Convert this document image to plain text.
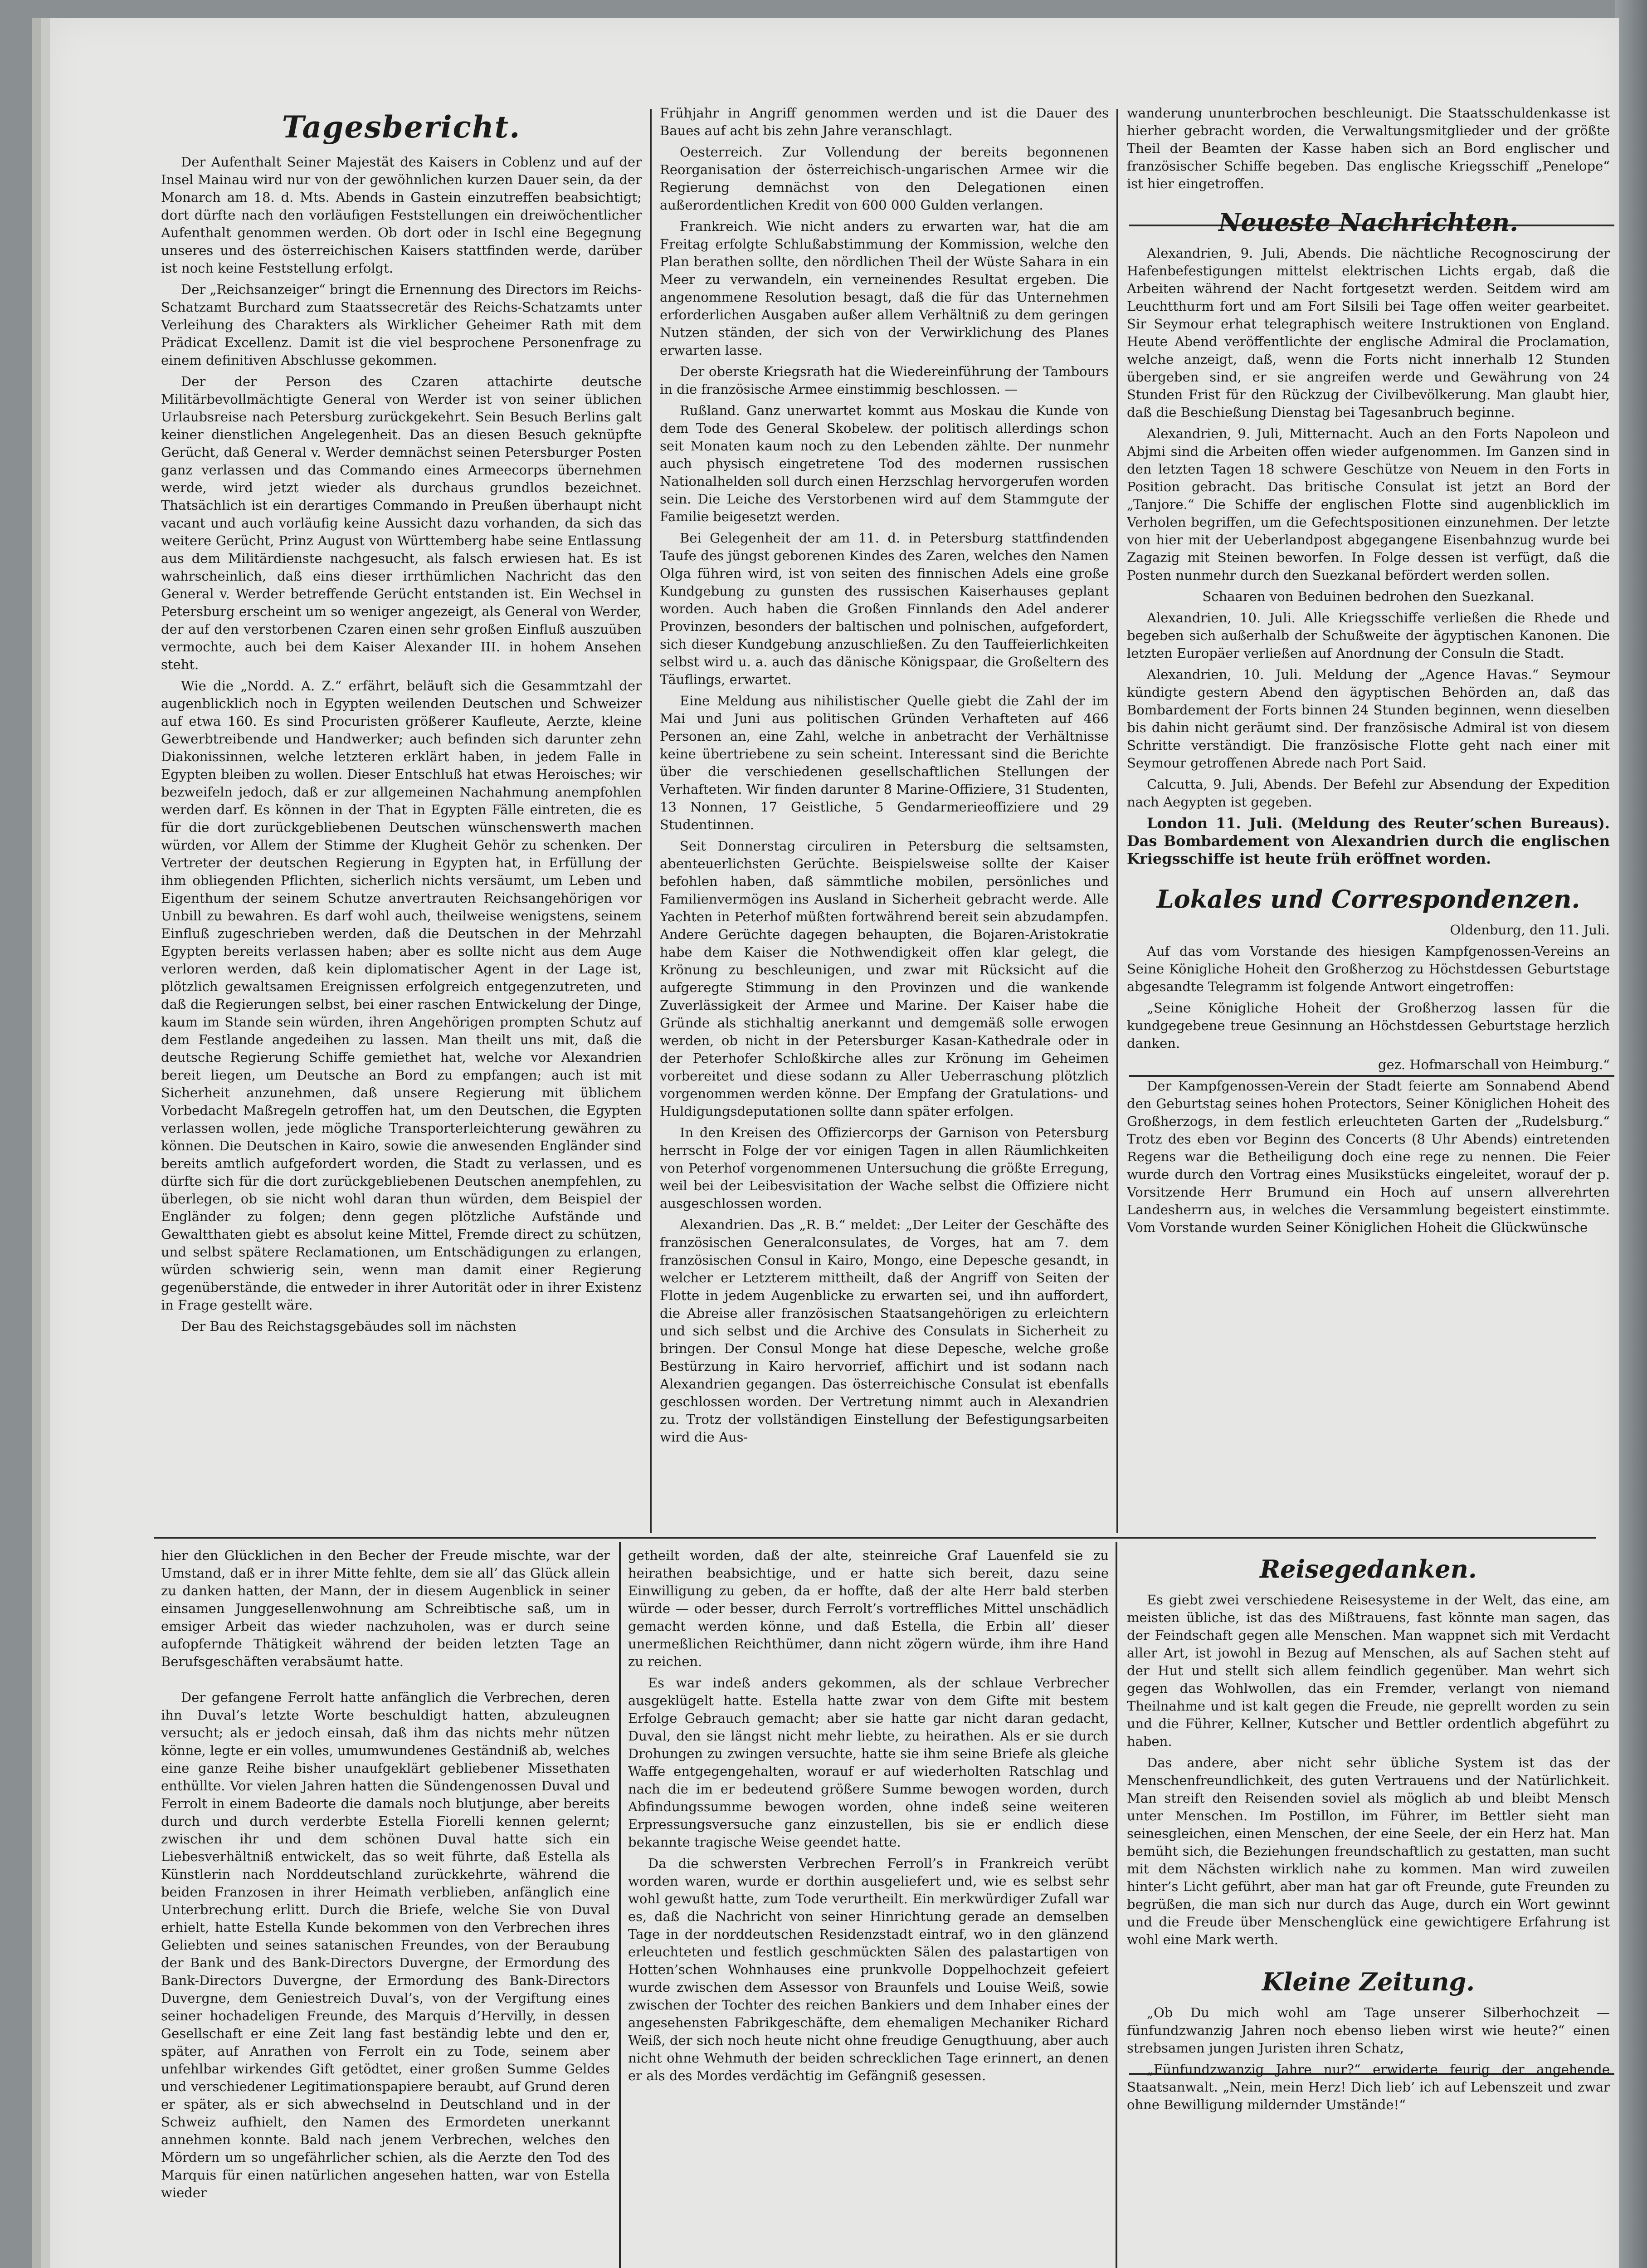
Tagesbericht.

Der Aufenthalt Seiner Majestät des Kaisers in Coblenz und auf der Insel Mainau wird nur von der gewöhnlichen kurzen Dauer sein, da der Monarch am 18. d. Mts. Abends in Gastein einzutreffen beabsichtigt; dort dürfte nach den vorläufigen Feststellungen ein dreiwöchentlicher Aufenthalt genommen werden. Ob dort oder in Ischl eine Begegnung unseres und des österreichischen Kaisers stattfinden werde, darüber ist noch keine Feststellung erfolgt.

Der „Reichsanzeiger“ bringt die Ernennung des Directors im Reichs-Schatzamt Burchard zum Staatssecretär des Reichs-Schatzamts unter Verleihung des Charakters als Wirklicher Geheimer Rath mit dem Prädicat Excellenz. Damit ist die viel besprochene Personenfrage zu einem definitiven Abschlusse gekommen.

Der der Person des Czaren attachirte deutsche Militärbevollmächtigte General von Werder ist von seiner üblichen Urlaubsreise nach Petersburg zurückgekehrt. Sein Besuch Berlins galt keiner dienstlichen Angelegenheit. Das an diesen Besuch geknüpfte Gerücht, daß General v. Werder demnächst seinen Petersburger Posten ganz verlassen und das Commando eines Armeecorps übernehmen werde, wird jetzt wieder als durchaus grundlos bezeichnet. Thatsächlich ist ein derartiges Commando in Preußen überhaupt nicht vacant und auch vorläufig keine Aussicht dazu vorhanden, da sich das weitere Gerücht, Prinz August von Württemberg habe seine Entlassung aus dem Militärdienste nachgesucht, als falsch erwiesen hat. Es ist wahrscheinlich, daß eins dieser irrthümlichen Nachricht das den General v. Werder betreffende Gerücht entstanden ist. Ein Wechsel in Petersburg erscheint um so weniger angezeigt, als General von Werder, der auf den verstorbenen Czaren einen sehr großen Einfluß auszuüben vermochte, auch bei dem Kaiser Alexander III. in hohem Ansehen steht.

Wie die „Nordd. A. Z.“ erfährt, beläuft sich die Gesammtzahl der augenblicklich noch in Egypten weilenden Deutschen und Schweizer auf etwa 160. Es sind Procuristen größerer Kaufleute, Aerzte, kleine Gewerbtreibende und Handwerker; auch befinden sich darunter zehn Diakonissinnen, welche letzteren erklärt haben, in jedem Falle in Egypten bleiben zu wollen. Dieser Entschluß hat etwas Heroisches; wir bezweifeln jedoch, daß er zur allgemeinen Nachahmung anempfohlen werden darf. Es können in der That in Egypten Fälle eintreten, die es für die dort zurückgebliebenen Deutschen wünschenswerth machen würden, vor Allem der Stimme der Klugheit Gehör zu schenken. Der Vertreter der deutschen Regierung in Egypten hat, in Erfüllung der ihm obliegenden Pflichten, sicherlich nichts versäumt, um Leben und Eigenthum der seinem Schutze anvertrauten Reichsangehörigen vor Unbill zu bewahren. Es darf wohl auch, theilweise wenigstens, seinem Einfluß zugeschrieben werden, daß die Deutschen in der Mehrzahl Egypten bereits verlassen haben; aber es sollte nicht aus dem Auge verloren werden, daß kein diplomatischer Agent in der Lage ist, plötzlich gewaltsamen Ereignissen erfolgreich entgegenzutreten, und daß die Regierungen selbst, bei einer raschen Entwickelung der Dinge, kaum im Stande sein würden, ihren Angehörigen prompten Schutz auf dem Festlande angedeihen zu lassen. Man theilt uns mit, daß die deutsche Regierung Schiffe gemiethet hat, welche vor Alexandrien bereit liegen, um Deutsche an Bord zu empfangen; auch ist mit Sicherheit anzunehmen, daß unsere Regierung mit üblichem Vorbedacht Maßregeln getroffen hat, um den Deutschen, die Egypten verlassen wollen, jede mögliche Transporterleichterung gewähren zu können. Die Deutschen in Kairo, sowie die anwesenden Engländer sind bereits amtlich aufgefordert worden, die Stadt zu verlassen, und es dürfte sich für die dort zurückgebliebenen Deutschen anempfehlen, zu überlegen, ob sie nicht wohl daran thun würden, dem Beispiel der Engländer zu folgen; denn gegen plötzliche Aufstände und Gewaltthaten giebt es absolut keine Mittel, Fremde direct zu schützen, und selbst spätere Reclamationen, um Entschädigungen zu erlangen, würden schwierig sein, wenn man damit einer Regierung gegenüberstände, die entweder in ihrer Autorität oder in ihrer Existenz in Frage gestellt wäre.

Der Bau des Reichstagsgebäudes soll im nächsten

Frühjahr in Angriff genommen werden und ist die Dauer des Baues auf acht bis zehn Jahre veranschlagt.

Oesterreich. Zur Vollendung der bereits begonnenen Reorganisation der österreichisch-ungarischen Armee wir die Regierung demnächst von den Delegationen einen außerordentlichen Kredit von 600 000 Gulden verlangen.

Frankreich. Wie nicht anders zu erwarten war, hat die am Freitag erfolgte Schlußabstimmung der Kommission, welche den Plan berathen sollte, den nördlichen Theil der Wüste Sahara in ein Meer zu verwandeln, ein verneinendes Resultat ergeben. Die angenommene Resolution besagt, daß die für das Unternehmen erforderlichen Ausgaben außer allem Verhältniß zu dem geringen Nutzen ständen, der sich von der Verwirklichung des Planes erwarten lasse.

Der oberste Kriegsrath hat die Wiedereinführung der Tambours in die französische Armee einstimmig beschlossen. —

Rußland. Ganz unerwartet kommt aus Moskau die Kunde von dem Tode des General Skobelew. der politisch allerdings schon seit Monaten kaum noch zu den Lebenden zählte. Der nunmehr auch physisch eingetretene Tod des modernen russischen Nationalhelden soll durch einen Herzschlag hervorgerufen worden sein. Die Leiche des Verstorbenen wird auf dem Stammgute der Familie beigesetzt werden.

Bei Gelegenheit der am 11. d. in Petersburg stattfindenden Taufe des jüngst geborenen Kindes des Zaren, welches den Namen Olga führen wird, ist von seiten des finnischen Adels eine große Kundgebung zu gunsten des russischen Kaiserhauses geplant worden. Auch haben die Großen Finnlands den Adel anderer Provinzen, besonders der baltischen und polnischen, aufgefordert, sich dieser Kundgebung anzuschließen. Zu den Tauffeierlichkeiten selbst wird u. a. auch das dänische Königspaar, die Großeltern des Täuflings, erwartet.

Eine Meldung aus nihilistischer Quelle giebt die Zahl der im Mai und Juni aus politischen Gründen Verhafteten auf 466 Personen an, eine Zahl, welche in anbetracht der Verhältnisse keine übertriebene zu sein scheint. Interessant sind die Berichte über die verschiedenen gesellschaftlichen Stellungen der Verhafteten. Wir finden darunter 8 Marine-Offiziere, 31 Studenten, 13 Nonnen, 17 Geistliche, 5 Gendarmerieoffiziere und 29 Studentinnen.

Seit Donnerstag circuliren in Petersburg die seltsamsten, abenteuerlichsten Gerüchte. Beispielsweise sollte der Kaiser befohlen haben, daß sämmtliche mobilen, persönliches und Familienvermögen ins Ausland in Sicherheit gebracht werde. Alle Yachten in Peterhof müßten fortwährend bereit sein abzudampfen. Andere Gerüchte dagegen behaupten, die Bojaren-Aristokratie habe dem Kaiser die Nothwendigkeit offen klar gelegt, die Krönung zu beschleunigen, und zwar mit Rücksicht auf die aufgeregte Stimmung in den Provinzen und die wankende Zuverlässigkeit der Armee und Marine. Der Kaiser habe die Gründe als stichhaltig anerkannt und demgemäß solle erwogen werden, ob nicht in der Petersburger Kasan-Kathedrale oder in der Peterhofer Schloßkirche alles zur Krönung im Geheimen vorbereitet und diese sodann zu Aller Ueberraschung plötzlich vorgenommen werden könne. Der Empfang der Gratulations- und Huldigungsdeputationen sollte dann später erfolgen.

In den Kreisen des Offiziercorps der Garnison von Petersburg herrscht in Folge der vor einigen Tagen in allen Räumlichkeiten von Peterhof vorgenommenen Untersuchung die größte Erregung, weil bei der Leibesvisitation der Wache selbst die Offiziere nicht ausgeschlossen worden.

Alexandrien. Das „R. B.“ meldet: „Der Leiter der Geschäfte des französischen Generalconsulates, de Vorges, hat am 7. dem französischen Consul in Kairo, Mongo, eine Depesche gesandt, in welcher er Letzterem mittheilt, daß der Angriff von Seiten der Flotte in jedem Augenblicke zu erwarten sei, und ihn auffordert, die Abreise aller französischen Staatsangehörigen zu erleichtern und sich selbst und die Archive des Consulats in Sicherheit zu bringen. Der Consul Monge hat diese Depesche, welche große Bestürzung in Kairo hervorrief, affichirt und ist sodann nach Alexandrien gegangen. Das österreichische Consulat ist ebenfalls geschlossen worden. Der Vertretung nimmt auch in Alexandrien zu. Trotz der vollständigen Einstellung der Befestigungsarbeiten wird die Aus-

wanderung ununterbrochen beschleunigt. Die Staatsschuldenkasse ist hierher gebracht worden, die Verwaltungsmitglieder und der größte Theil der Beamten der Kasse haben sich an Bord englischer und französischer Schiffe begeben. Das englische Kriegsschiff „Penelope“ ist hier eingetroffen.

Neueste Nachrichten.

Alexandrien, 9. Juli, Abends. Die nächtliche Recognoscirung der Hafenbefestigungen mittelst elektrischen Lichts ergab, daß die Arbeiten während der Nacht fortgesetzt werden. Seitdem wird am Leuchtthurm fort und am Fort Silsili bei Tage offen weiter gearbeitet. Sir Seymour erhat telegraphisch weitere Instruktionen von England. Heute Abend veröffentlichte der englische Admiral die Proclamation, welche anzeigt, daß, wenn die Forts nicht innerhalb 12 Stunden übergeben sind, er sie angreifen werde und Gewährung von 24 Stunden Frist für den Rückzug der Civilbevölkerung. Man glaubt hier, daß die Beschießung Dienstag bei Tagesanbruch beginne.

Alexandrien, 9. Juli, Mitternacht. Auch an den Forts Napoleon und Abjmi sind die Arbeiten offen wieder aufgenommen. Im Ganzen sind in den letzten Tagen 18 schwere Geschütze von Neuem in den Forts in Position gebracht. Das britische Consulat ist jetzt an Bord der „Tanjore.“ Die Schiffe der englischen Flotte sind augenblicklich im Verholen begriffen, um die Gefechtspositionen einzunehmen. Der letzte von hier mit der Ueberlandpost abgegangene Eisenbahnzug wurde bei Zagazig mit Steinen beworfen. In Folge dessen ist verfügt, daß die Posten nunmehr durch den Suezkanal befördert werden sollen.

Schaaren von Beduinen bedrohen den Suezkanal.

Alexandrien, 10. Juli. Alle Kriegsschiffe verließen die Rhede und begeben sich außerhalb der Schußweite der ägyptischen Kanonen. Die letzten Europäer verließen auf Anordnung der Consuln die Stadt.

Alexandrien, 10. Juli. Meldung der „Agence Havas.“ Seymour kündigte gestern Abend den ägyptischen Behörden an, daß das Bombardement der Forts binnen 24 Stunden beginnen, wenn dieselben bis dahin nicht geräumt sind. Der französische Admiral ist von diesem Schritte verständigt. Die französische Flotte geht nach einer mit Seymour getroffenen Abrede nach Port Said.

Calcutta, 9. Juli, Abends. Der Befehl zur Absendung der Expedition nach Aegypten ist gegeben.

London 11. Juli. (Meldung des Reuter’schen Bureaus). Das Bombardement von Alexandrien durch die englischen Kriegsschiffe ist heute früh eröffnet worden.

Lokales und Correspondenzen.

Oldenburg, den 11. Juli.

Auf das vom Vorstande des hiesigen Kampfgenossen-Vereins an Seine Königliche Hoheit den Großherzog zu Höchstdessen Geburtstage abgesandte Telegramm ist folgende Antwort eingetroffen:

„Seine Königliche Hoheit der Großherzog lassen für die kundgegebene treue Gesinnung an Höchstdessen Geburtstage herzlich danken.

gez. Hofmarschall von Heimburg.“

Der Kampfgenossen-Verein der Stadt feierte am Sonnabend Abend den Geburtstag seines hohen Protectors, Seiner Königlichen Hoheit des Großherzogs, in dem festlich erleuchteten Garten der „Rudelsburg.“ Trotz des eben vor Beginn des Concerts (8 Uhr Abends) eintretenden Regens war die Betheiligung doch eine rege zu nennen. Die Feier wurde durch den Vortrag eines Musikstücks eingeleitet, worauf der p. Vorsitzende Herr Brumund ein Hoch auf unsern allverehrten Landesherrn aus, in welches die Versammlung begeistert einstimmte. Vom Vorstande wurden Seiner Königlichen Hoheit die Glückwünsche

hier den Glücklichen in den Becher der Freude mischte, war der Umstand, daß er in ihrer Mitte fehlte, dem sie all’ das Glück allein zu danken hatten, der Mann, der in diesem Augenblick in seiner einsamen Junggesellenwohnung am Schreibtische saß, um in emsiger Arbeit das wieder nachzuholen, was er durch seine aufopfernde Thätigkeit während der beiden letzten Tage an Berufsgeschäften verabsäumt hatte.

Der gefangene Ferrolt hatte anfänglich die Verbrechen, deren ihn Duval’s letzte Worte beschuldigt hatten, abzuleugnen versucht; als er jedoch einsah, daß ihm das nichts mehr nützen könne, legte er ein volles, umumwundenes Geständniß ab, welches eine ganze Reihe bisher unaufgeklärt gebliebener Missethaten enthüllte. Vor vielen Jahren hatten die Sündengenossen Duval und Ferrolt in einem Badeorte die damals noch blutjunge, aber bereits durch und durch verderbte Estella Fiorelli kennen gelernt; zwischen ihr und dem schönen Duval hatte sich ein Liebesverhältniß entwickelt, das so weit führte, daß Estella als Künstlerin nach Norddeutschland zurückkehrte, während die beiden Franzosen in ihrer Heimath verblieben, anfänglich eine Unterbrechung erlitt. Durch die Briefe, welche Sie von Duval erhielt, hatte Estella Kunde bekommen von den Verbrechen ihres Geliebten und seines satanischen Freundes, von der Beraubung der Bank und des Bank-Directors Duvergne, der Ermordung des Bank-Directors Duvergne, der Ermordung des Bank-Directors Duvergne, dem Geniestreich Duval’s, von der Vergiftung eines seiner hochadeligen Freunde, des Marquis d’Hervilly, in dessen Gesellschaft er eine Zeit lang fast beständig lebte und den er, später, auf Anrathen von Ferrolt ein zu Tode, seinem aber unfehlbar wirkendes Gift getödtet, einer großen Summe Geldes und verschiedener Legitimationspapiere beraubt, auf Grund deren er später, als er sich abwechselnd in Deutschland und in der Schweiz aufhielt, den Namen des Ermordeten unerkannt annehmen konnte. Bald nach jenem Verbrechen, welches den Mördern um so ungefährlicher schien, als die Aerzte den Tod des Marquis für einen natürlichen angesehen hatten, war von Estella wieder

getheilt worden, daß der alte, steinreiche Graf Lauenfeld sie zu heirathen beabsichtige, und er hatte sich bereit, dazu seine Einwilligung zu geben, da er hoffte, daß der alte Herr bald sterben würde — oder besser, durch Ferrolt’s vortreffliches Mittel unschädlich gemacht werden könne, und daß Estella, die Erbin all’ dieser unermeßlichen Reichthümer, dann nicht zögern würde, ihm ihre Hand zu reichen.

Es war indeß anders gekommen, als der schlaue Verbrecher ausgeklügelt hatte. Estella hatte zwar von dem Gifte mit bestem Erfolge Gebrauch gemacht; aber sie hatte gar nicht daran gedacht, Duval, den sie längst nicht mehr liebte, zu heirathen. Als er sie durch Drohungen zu zwingen versuchte, hatte sie ihm seine Briefe als gleiche Waffe entgegengehalten, worauf er auf wiederholten Ratschlag und nach die im er bedeutend größere Summe bewogen worden, durch Abfindungssumme bewogen worden, ohne indeß seine weiteren Erpressungsversuche ganz einzustellen, bis sie er endlich diese bekannte tragische Weise geendet hatte.

Da die schwersten Verbrechen Ferroll’s in Frankreich verübt worden waren, wurde er dorthin ausgeliefert und, wie es selbst sehr wohl gewußt hatte, zum Tode verurtheilt. Ein merkwürdiger Zufall war es, daß die Nachricht von seiner Hinrichtung gerade an demselben Tage in der norddeutschen Residenzstadt eintraf, wo in den glänzend erleuchteten und festlich geschmückten Sälen des palastartigen von Hotten’schen Wohnhauses eine prunkvolle Doppelhochzeit gefeiert wurde zwischen dem Assessor von Braunfels und Louise Weiß, sowie zwischen der Tochter des reichen Bankiers und dem Inhaber eines der angesehensten Fabrikgeschäfte, dem ehemaligen Mechaniker Richard Weiß, der sich noch heute nicht ohne freudige Genugthuung, aber auch nicht ohne Wehmuth der beiden schrecklichen Tage erinnert, an denen er als des Mordes verdächtig im Gefängniß gesessen.

Reisegedanken.

Es giebt zwei verschiedene Reisesysteme in der Welt, das eine, am meisten übliche, ist das des Mißtrauens, fast könnte man sagen, das der Feindschaft gegen alle Menschen. Man wappnet sich mit Verdacht aller Art, ist jowohl in Bezug auf Menschen, als auf Sachen steht auf der Hut und stellt sich allem feindlich gegenüber. Man wehrt sich gegen das Wohlwollen, das ein Fremder, verlangt von niemand Theilnahme und ist kalt gegen die Freude, nie geprellt worden zu sein und die Führer, Kellner, Kutscher und Bettler ordentlich abgeführt zu haben.

Das andere, aber nicht sehr übliche System ist das der Menschenfreundlichkeit, des guten Vertrauens und der Natürlichkeit. Man streift den Reisenden soviel als möglich ab und bleibt Mensch unter Menschen. Im Postillon, im Führer, im Bettler sieht man seinesgleichen, einen Menschen, der eine Seele, der ein Herz hat. Man bemüht sich, die Beziehungen freundschaftlich zu gestatten, man sucht mit dem Nächsten wirklich nahe zu kommen. Man wird zuweilen hinter’s Licht geführt, aber man hat gar oft Freunde, gute Freunden zu begrüßen, die man sich nur durch das Auge, durch ein Wort gewinnt und die Freude über Menschenglück eine gewichtigere Erfahrung ist wohl eine Mark werth.

Kleine Zeitung.

„Ob Du mich wohl am Tage unserer Silberhochzeit — fünfundzwanzig Jahren noch ebenso lieben wirst wie heute?“ einen strebsamen jungen Juristen ihren Schatz,

„Fünfundzwanzig Jahre nur?“ erwiderte feurig der angehende Staatsanwalt. „Nein, mein Herz! Dich lieb’ ich auf Lebenszeit und zwar ohne Bewilligung mildernder Umstände!“
